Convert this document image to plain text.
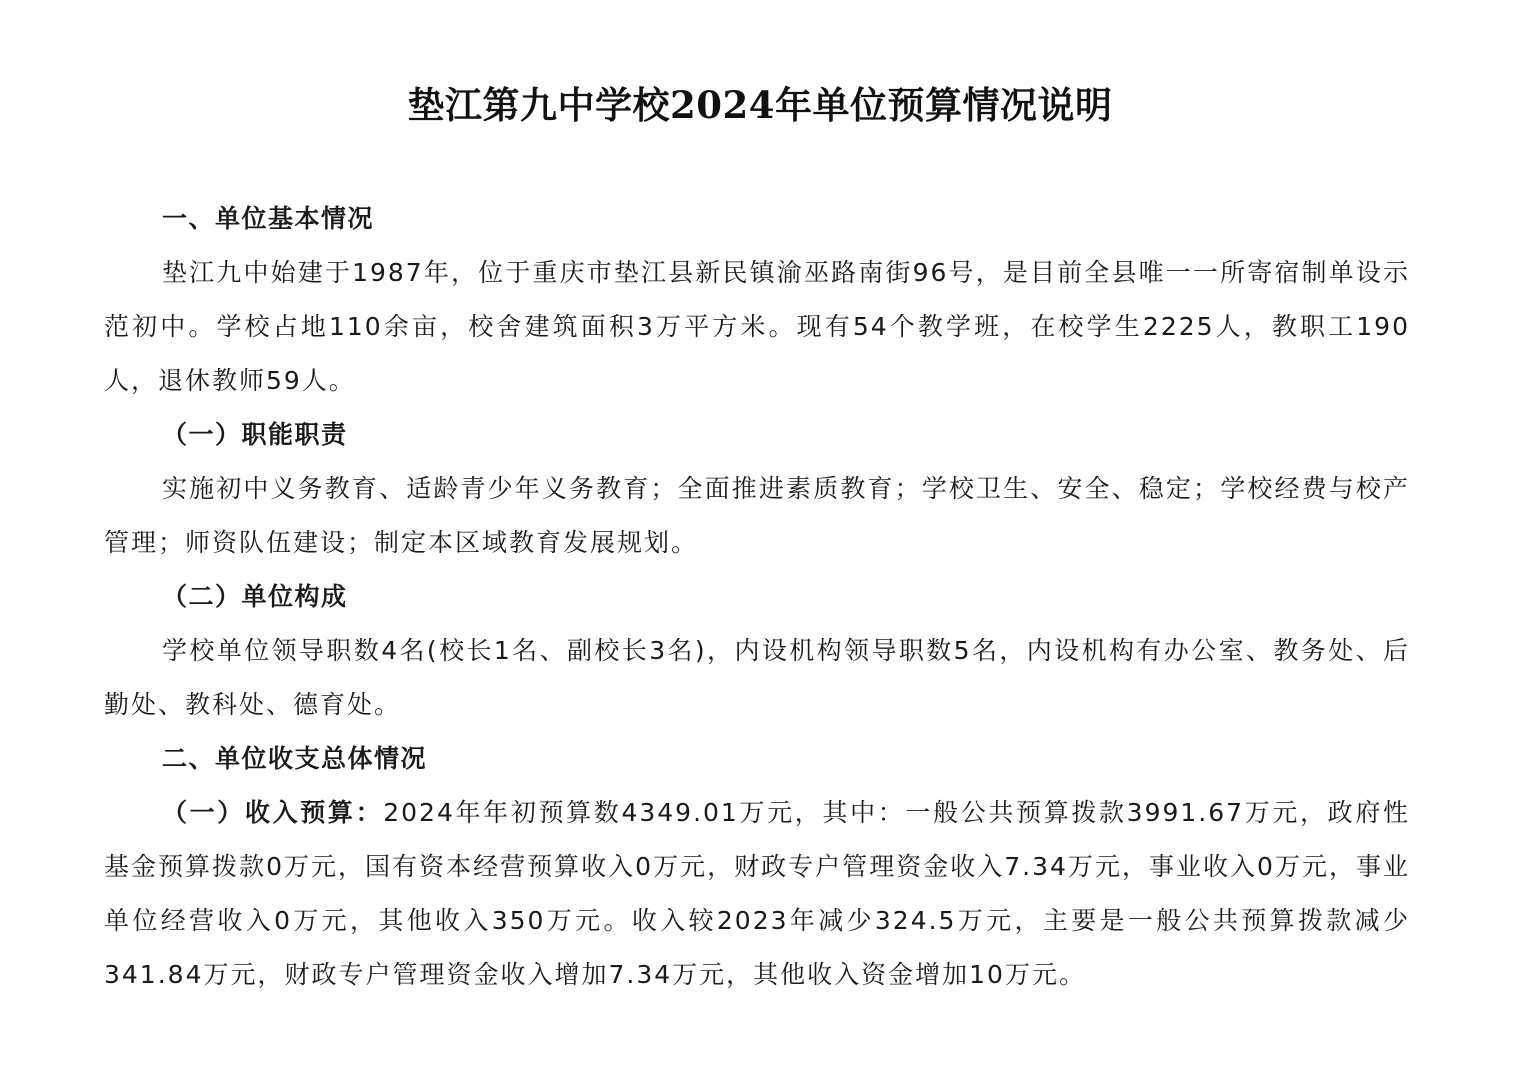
垫江第九中学校2024年单位预算情况说明

一、单位基本情况

垫江九中始建于1987年，位于重庆市垫江县新民镇渝巫路南街96号，是目前全县唯一一所寄宿制单设示范初中。学校占地110余亩，校舍建筑面积3万平方米。现有54个教学班，在校学生2225人，教职工190人，退休教师59人。

（一）职能职责

实施初中义务教育、适龄青少年义务教育；全面推进素质教育；学校卫生、安全、稳定；学校经费与校产管理；师资队伍建设；制定本区域教育发展规划。

（二）单位构成

学校单位领导职数4名(校长1名、副校长3名)，内设机构领导职数5名，内设机构有办公室、教务处、后勤处、教科处、德育处。

二、单位收支总体情况

（一）收入预算：2024年年初预算数4349.01万元，其中：一般公共预算拨款3991.67万元，政府性基金预算拨款0万元，国有资本经营预算收入0万元，财政专户管理资金收入7.34万元，事业收入0万元，事业单位经营收入0万元，其他收入350万元。收入较2023年减少324.5万元，主要是一般公共预算拨款减少341.84万元，财政专户管理资金收入增加7.34万元，其他收入资金增加10万元。
